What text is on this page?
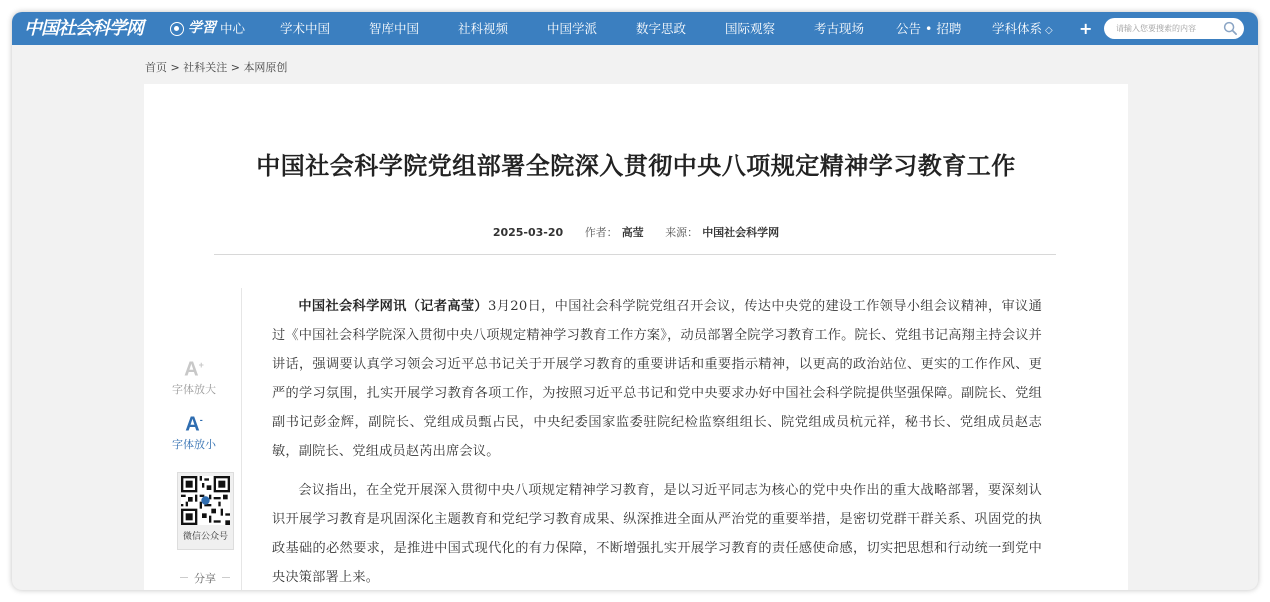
中国社会科学网	学習 中心	学术中国	智库中国	社科视频	中国学派	数字思政	国际观察	考古现场	公告 • 招聘 学科体系 ◇ +
请输入您要搜索的内容
首页 > 社科关注 > 本网原创
中国社会科学院党组部署全院深入贯彻中央八项规定精神学习教育工作
2025-03-20 作者： 高莹 来源： 中国社会科学网
A+
字体放大
A-
字体放小
微信公众号
分享

中国社会科学网讯（记者高莹）3月20日，中国社会科学院党组召开会议，传达中央党的建设工作领导小组会议精神，审议通过《中国社会科学院深入贯彻中央八项规定精神学习教育工作方案》，动员部署全院学习教育工作。院长、党组书记高翔主持会议并讲话，强调要认真学习领会习近平总书记关于开展学习教育的重要讲话和重要指示精神，以更高的政治站位、更实的工作作风、更严的学习氛围，扎实开展学习教育各项工作，为按照习近平总书记和党中央要求办好中国社会科学院提供坚强保障。副院长、党组副书记彭金辉，副院长、党组成员甄占民，中央纪委国家监委驻院纪检监察组组长、院党组成员杭元祥，秘书长、党组成员赵志敏，副院长、党组成员赵芮出席会议。

会议指出，在全党开展深入贯彻中央八项规定精神学习教育，是以习近平同志为核心的党中央作出的重大战略部署，要深刻认识开展学习教育是巩固深化主题教育和党纪学习教育成果、纵深推进全面从严治党的重要举措，是密切党群干群关系、巩固党的执政基础的必然要求，是推进中国式现代化的有力保障，不断增强扎实开展学习教育的责任感使命感，切实把思想和行动统一到党中央决策部署上来。
